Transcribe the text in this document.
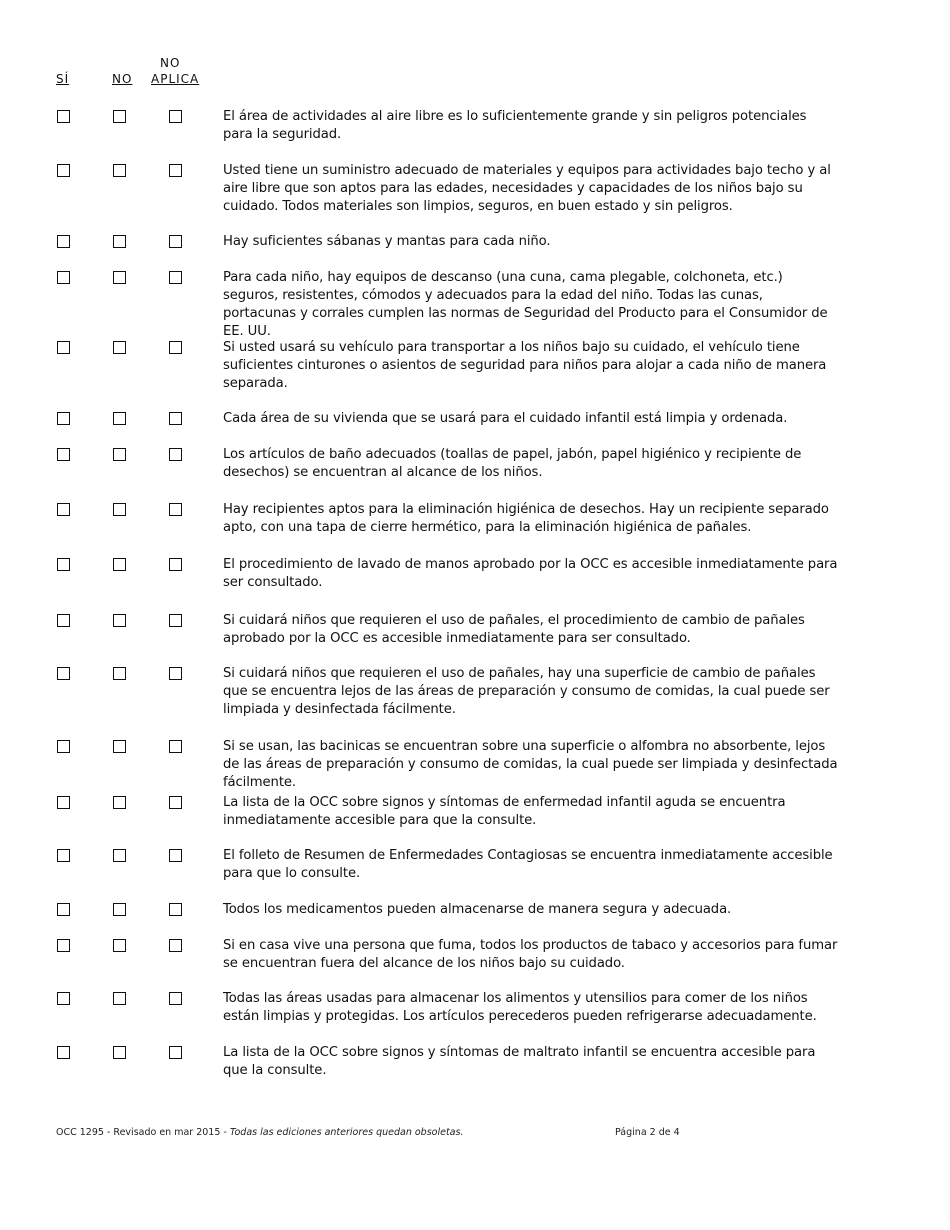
SÍ	NO
NO
APLICA
El área de actividades al aire libre es lo suficientemente grande y sin peligros potenciales para la seguridad.
Usted tiene un suministro adecuado de materiales y equipos para actividades bajo techo y al aire libre que son aptos para las edades, necesidades y capacidades de los niños bajo su cuidado. Todos materiales son limpios, seguros, en buen estado y sin peligros.
Hay suficientes sábanas y mantas para cada niño.
Para cada niño, hay equipos de descanso (una cuna, cama plegable, colchoneta, etc.) seguros, resistentes, cómodos y adecuados para la edad del niño. Todas las cunas, portacunas y corrales cumplen las normas de Seguridad del Producto para el Consumidor de EE. UU.
Si usted usará su vehículo para transportar a los niños bajo su cuidado, el vehículo tiene suficientes cinturones o asientos de seguridad para niños para alojar a cada niño de manera separada.
Cada área de su vivienda que se usará para el cuidado infantil está limpia y ordenada.
Los artículos de baño adecuados (toallas de papel, jabón, papel higiénico y recipiente de desechos) se encuentran al alcance de los niños.
Hay recipientes aptos para la eliminación higiénica de desechos. Hay un recipiente separado apto, con una tapa de cierre hermético, para la eliminación higiénica de pañales.
El procedimiento de lavado de manos aprobado por la OCC es accesible inmediatamente para ser consultado.
Si cuidará niños que requieren el uso de pañales, el procedimiento de cambio de pañales aprobado por la OCC es accesible inmediatamente para ser consultado.
Si cuidará niños que requieren el uso de pañales, hay una superficie de cambio de pañales que se encuentra lejos de las áreas de preparación y consumo de comidas, la cual puede ser limpiada y desinfectada fácilmente.
Si se usan, las bacinicas se encuentran sobre una superficie o alfombra no absorbente, lejos de las áreas de preparación y consumo de comidas, la cual puede ser limpiada y desinfectada fácilmente.
La lista de la OCC sobre signos y síntomas de enfermedad infantil aguda se encuentra inmediatamente accesible para que la consulte.
El folleto de Resumen de Enfermedades Contagiosas se encuentra inmediatamente accesible para que lo consulte.
Todos los medicamentos pueden almacenarse de manera segura y adecuada.
Si en casa vive una persona que fuma, todos los productos de tabaco y accesorios para fumar se encuentran fuera del alcance de los niños bajo su cuidado.
Todas las áreas usadas para almacenar los alimentos y utensilios para comer de los niños están limpias y protegidas. Los artículos perecederos pueden refrigerarse adecuadamente.
La lista de la OCC sobre signos y síntomas de maltrato infantil se encuentra accesible para que la consulte.
OCC 1295 - Revisado en mar 2015 - Todas las ediciones anteriores quedan obsoletas.	Página 2 de 4
